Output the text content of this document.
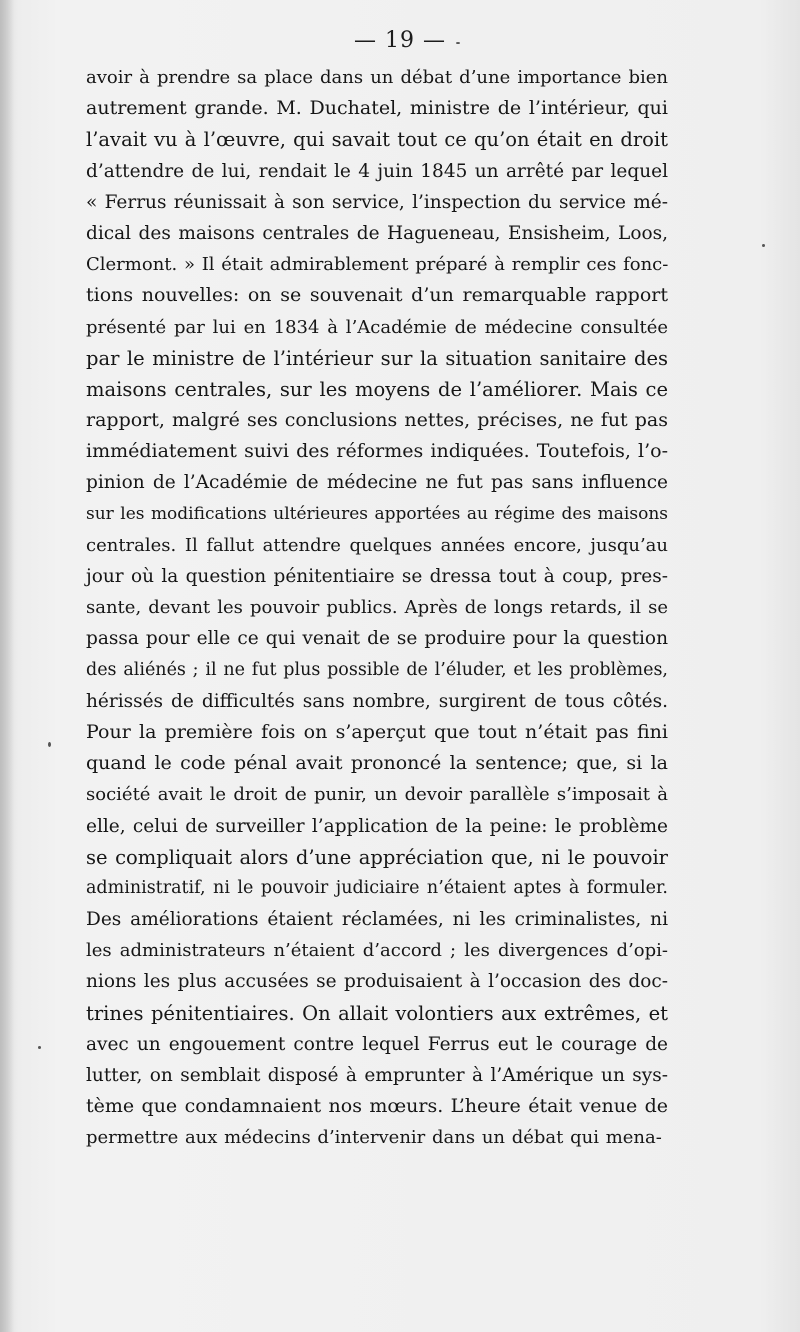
— 19 —
avoir à prendre sa place dans un débat d’une importance bien
autrement grande. M. Duchatel, ministre de l’intérieur, qui
l’avait vu à l’œuvre, qui savait tout ce qu’on était en droit
d’attendre de lui, rendait le 4 juin 1845 un arrêté par lequel
« Ferrus réunissait à son service, l’inspection du service mé-
dical des maisons centrales de Hagueneau, Ensisheim, Loos,
Clermont. » Il était admirablement préparé à remplir ces fonc-
tions nouvelles: on se souvenait d’un remarquable rapport
présenté par lui en 1834 à l’Académie de médecine consultée
par le ministre de l’intérieur sur la situation sanitaire des
maisons centrales, sur les moyens de l’améliorer. Mais ce
rapport, malgré ses conclusions nettes, précises, ne fut pas
immédiatement suivi des réformes indiquées. Toutefois, l’o-
pinion de l’Académie de médecine ne fut pas sans influence
sur les modifications ultérieures apportées au régime des maisons
centrales. Il fallut attendre quelques années encore, jusqu’au
jour où la question pénitentiaire se dressa tout à coup, pres-
sante, devant les pouvoir publics. Après de longs retards, il se
passa pour elle ce qui venait de se produire pour la question
des aliénés ; il ne fut plus possible de l’éluder, et les problèmes,
hérissés de difficultés sans nombre, surgirent de tous côtés.
Pour la première fois on s’aperçut que tout n’était pas fini
quand le code pénal avait prononcé la sentence; que, si la
société avait le droit de punir, un devoir parallèle s’imposait à
elle, celui de surveiller l’application de la peine: le problème
se compliquait alors d’une appréciation que, ni le pouvoir
administratif, ni le pouvoir judiciaire n’étaient aptes à formuler.
Des améliorations étaient réclamées, ni les criminalistes, ni
les administrateurs n’étaient d’accord ; les divergences d’opi-
nions les plus accusées se produisaient à l’occasion des doc-
trines pénitentiaires. On allait volontiers aux extrêmes, et
avec un engouement contre lequel Ferrus eut le courage de
lutter, on semblait disposé à emprunter à l’Amérique un sys-
tème que condamnaient nos mœurs. L’heure était venue de
permettre aux médecins d’intervenir dans un débat qui mena-
